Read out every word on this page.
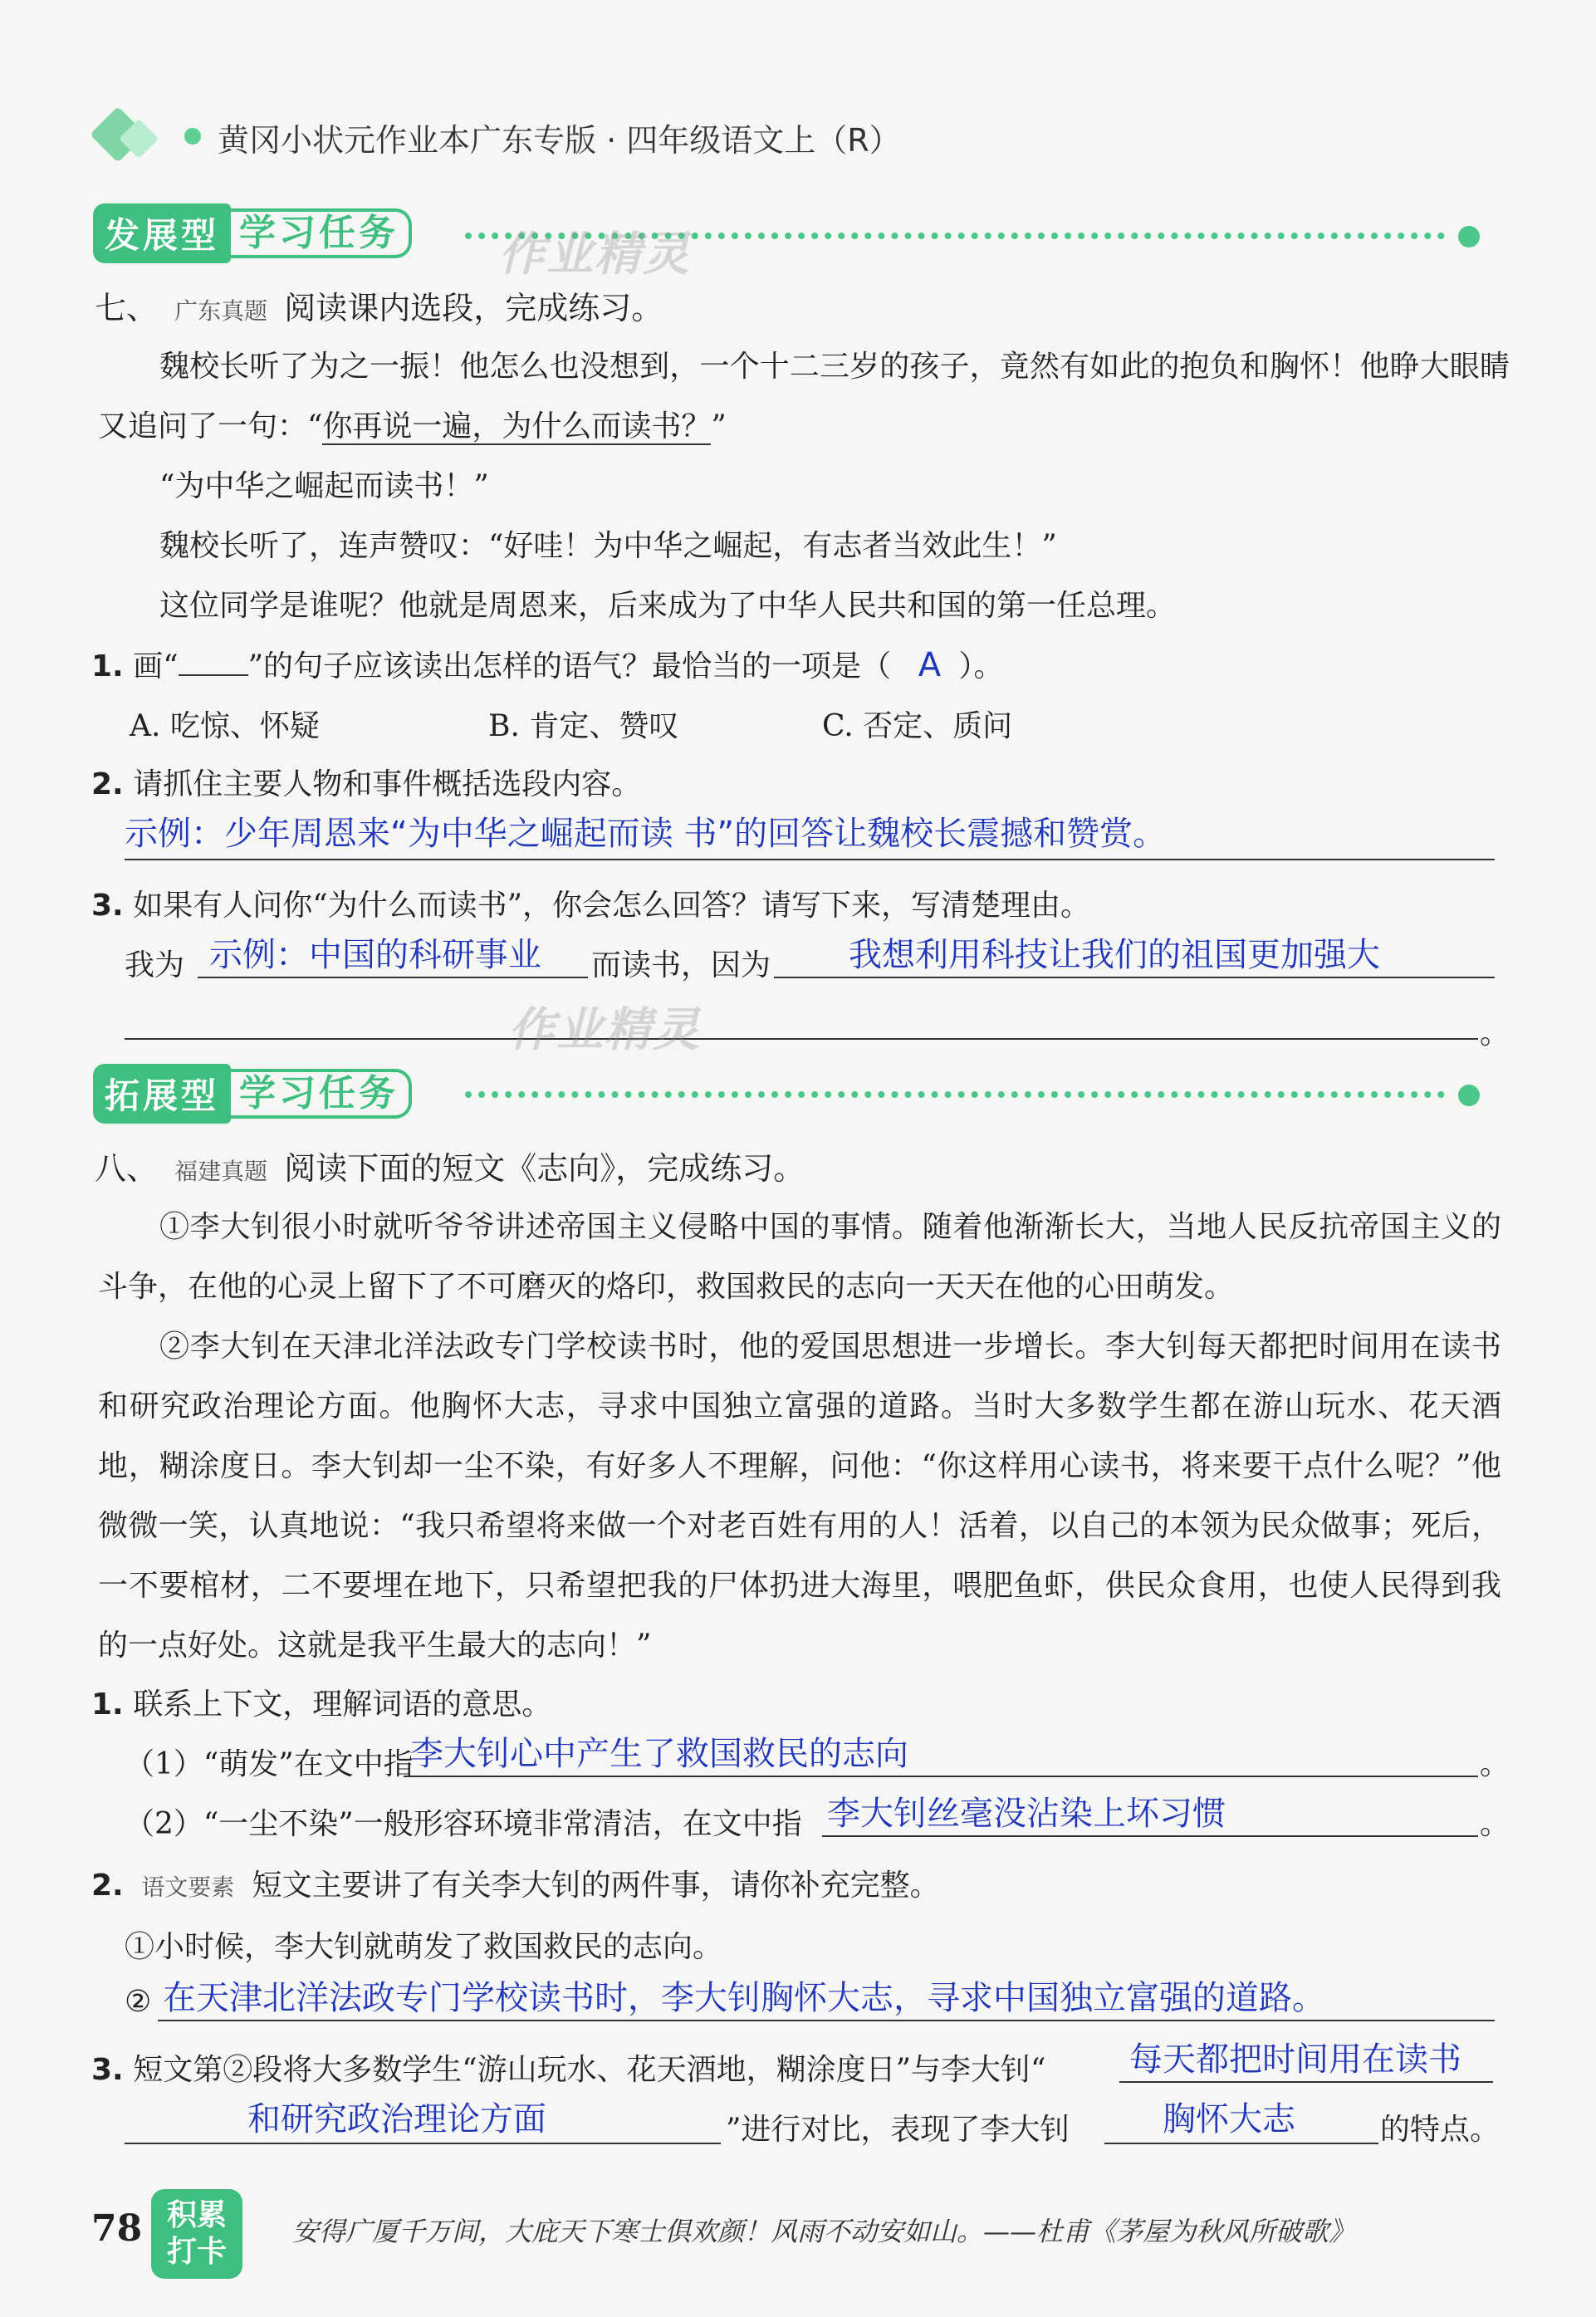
黄冈小状元作业本广东专版 · 四年级语文上（R）
发展型 学习任务 作业精灵
七、 广东真题 阅读课内选段，完成练习。

魏校长听了为之一振！他怎么也没想到，一个十二三岁的孩子，竟然有如此的抱负和胸怀！他睁大眼睛又追问了一句：“你再说一遍，为什么而读书？”

“为中华之崛起而读书！”

魏校长听了，连声赞叹：“好哇！为中华之崛起，有志者当效此生！”

这位同学是谁呢？他就是周恩来，后来成为了中华人民共和国的第一任总理。

1. 画“ ”的句子应该读出怎样的语气？最恰当的一项是（ A ）。
A. 吃惊、怀疑	B. 肯定、赞叹	C. 否定、质问
2. 请抓住主要人物和事件概括选段内容。
示例：少年周恩来“为中华之崛起而读 书”的回答让魏校长震撼和赞赏。
3. 如果有人问你“为什么而读书”，你会怎么回答？请写下来，写清楚理由。
我为 示例：中国的科研事业 而读书，因为 我想利用科技让我们的祖国更加强大
。
作业精灵
拓展型 学习任务
八、 福建真题 阅读下面的短文《志向》，完成练习。

①李大钊很小时就听爷爷讲述帝国主义侵略中国的事情。随着他渐渐长大，当地人民反抗帝国主义的斗争，在他的心灵上留下了不可磨灭的烙印，救国救民的志向一天天在他的心田萌发。

②李大钊在天津北洋法政专门学校读书时，他的爱国思想进一步增长。李大钊每天都把时间用在读书和研究政治理论方面。他胸怀大志，寻求中国独立富强的道路。当时大多数学生都在游山玩水、花天酒地，糊涂度日。李大钊却一尘不染，有好多人不理解，问他：“你这样用心读书，将来要干点什么呢？”他微微一笑，认真地说：“我只希望将来做一个对老百姓有用的人！活着，以自己的本领为民众做事；死后，一不要棺材，二不要埋在地下，只希望把我的尸体扔进大海里，喂肥鱼虾，供民众食用，也使人民得到我的一点好处。这就是我平生最大的志向！”

1. 联系上下文，理解词语的意思。
（1）“萌发”在文中指
李大钊心中产生了救国救民的志向	。
（2）“一尘不染”一般形容环境非常清洁，在文中指 李大钊丝毫没沾染上坏习惯	。
2. 语文要素 短文主要讲了有关李大钊的两件事，请你补充完整。
①小时候，李大钊就萌发了救国救民的志向。
② 在天津北洋法政专门学校读书时，李大钊胸怀大志，寻求中国独立富强的道路。
3. 短文第②段将大多数学生“游山玩水、花天酒地，糊涂度日”与李大钊“	每天都把时间用在读书
和研究政治理论方面	”进行对比，表现了李大钊	胸怀大志	的特点。
78 积累
打卡
安得广厦千万间，大庇天下寒士俱欢颜！风雨不动安如山。——杜甫《茅屋为秋风所破歌》
